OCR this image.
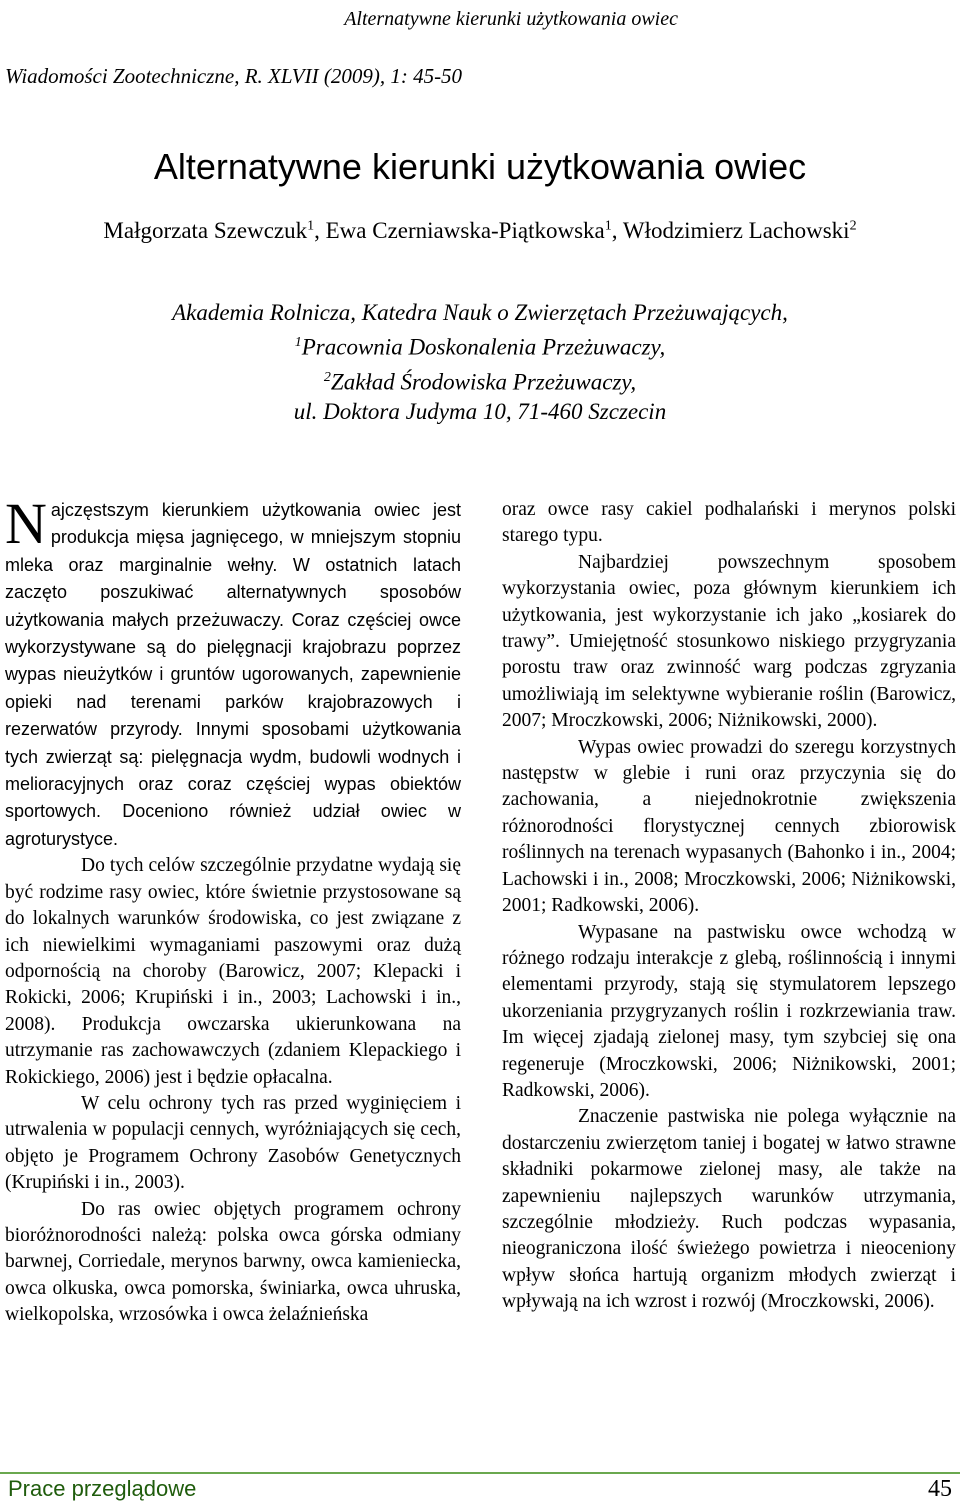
Alternatywne kierunki użytkowania owiec
Wiadomości Zootechniczne, R. XLVII (2009), 1: 45-50
Alternatywne kierunki użytkowania owiec
Małgorzata Szewczuk$^1$, Ewa Czerniawska-Piątkowska$^1$, Włodzimierz Lachowski$^2$
Akademia Rolnicza, Katedra Nauk o Zwierzętach Przeżuwających,
$^1$Pracownia Doskonalenia Przeżuwaczy,
$^2$Zakład Środowiska Przeżuwaczy,
ul. Doktora Judyma 10, 71-460 Szczecin

Najczęstszym kierunkiem użytkowania owiec jest produkcja mięsa jagnięcego, w mniejszym stopniu mleka oraz marginalnie wełny. W ostatnich latach zaczęto poszukiwać alternatywnych sposobów użytkowania małych przeżuwaczy. Coraz częściej owce wykorzystywane są do pielęgnacji krajobrazu poprzez wypas nieużytków i gruntów ugorowanych, zapewnienie opieki nad terenami parków krajobrazowych i rezerwatów przyrody. Innymi sposobami użytkowania tych zwierząt są: pielęgnacja wydm, budowli wodnych i melioracyjnych oraz coraz częściej wypas obiektów sportowych. Doceniono również udział owiec w agroturystyce.

Do tych celów szczególnie przydatne wydają się być rodzime rasy owiec, które świetnie przystosowane są do lokalnych warunków środowiska, co jest związane z ich niewielkimi wymaganiami paszowymi oraz dużą odpornością na choroby (Barowicz, 2007; Klepacki i Rokicki, 2006; Krupiński i in., 2003; Lachowski i in., 2008). Produkcja owczarska ukierunkowana na utrzymanie ras zachowawczych (zdaniem Klepackiego i Rokickiego, 2006) jest i będzie opłacalna.

W celu ochrony tych ras przed wyginięciem i utrwalenia w populacji cennych, wyróżniających się cech, objęto je Programem Ochrony Zasobów Genetycznych (Krupiński i in., 2003).

Do ras owiec objętych programem ochrony bioróżnorodności należą: polska owca górska odmiany barwnej, Corriedale, merynos barwny, owca kamieniecka, owca olkuska, owca pomorska, świniarka, owca uhruska, wielkopolska, wrzosówka i owca żelaźnieńska

oraz owce rasy cakiel podhalański i merynos polski starego typu.

Najbardziej powszechnym sposobem wykorzystania owiec, poza głównym kierunkiem ich użytkowania, jest wykorzystanie ich jako „kosiarek do trawy”. Umiejętność stosunkowo niskiego przygryzania porostu traw oraz zwinność warg podczas zgryzania umożliwiają im selektywne wybieranie roślin (Barowicz, 2007; Mroczkowski, 2006; Niżnikowski, 2000).

Wypas owiec prowadzi do szeregu korzystnych następstw w glebie i runi oraz przyczynia się do zachowania, a niejednokrotnie zwiększenia różnorodności florystycznej cennych zbiorowisk roślinnych na terenach wypasanych (Bahonko i in., 2004; Lachowski i in., 2008; Mroczkowski, 2006; Niżnikowski, 2001; Radkowski, 2006).

Wypasane na pastwisku owce wchodzą w różnego rodzaju interakcje z glebą, roślinnością i innymi elementami przyrody, stają się stymulatorem lepszego ukorzeniania przygryzanych roślin i rozkrzewiania traw. Im więcej zjadają zielonej masy, tym szybciej się ona regeneruje (Mroczkowski, 2006; Niżnikowski, 2001; Radkowski, 2006).

Znaczenie pastwiska nie polega wyłącznie na dostarczeniu zwierzętom taniej i bogatej w łatwo strawne składniki pokarmowe zielonej masy, ale także na zapewnieniu najlepszych warunków utrzymania, szczególnie młodzieży. Ruch podczas wypasania, nieograniczona ilość świeżego powietrza i nieoceniony wpływ słońca hartują organizm młodych zwierząt i wpływają na ich wzrost i rozwój (Mroczkowski, 2006).

Prace przeglądowe	45
